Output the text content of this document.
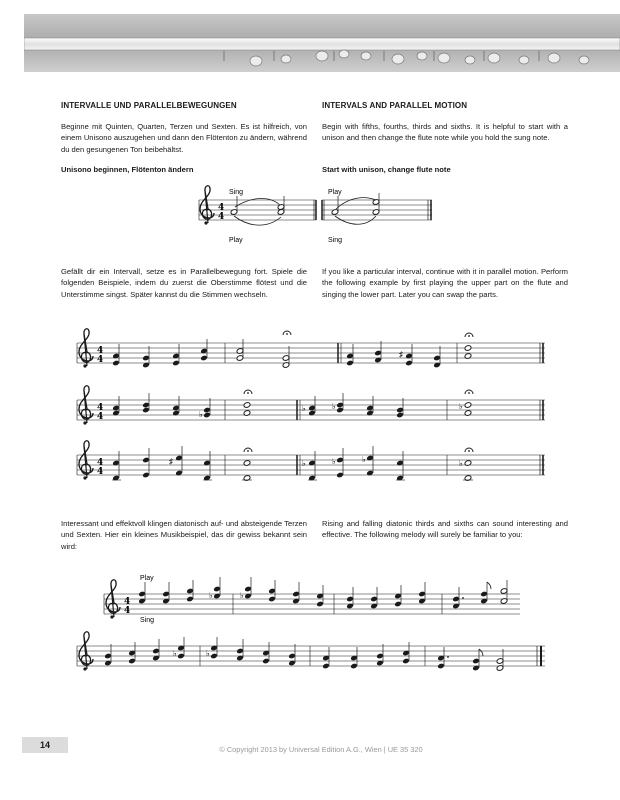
INTERVALLE UND PARALLELBEWEGUNGEN	INTERVALS AND PARALLEL MOTION

Beginne mit Quinten, Quarten, Terzen und Sexten. Es ist hilfreich, von einem Unisono auszugehen und dann den Flötenton zu ändern, während du den gesungenen Ton beibehältst.

Begin with fifths, fourths, thirds and sixths. It is helpful to start with a unison and then change the flute note while you hold the sung note.

Unisono beginnen, Flötenton ändern	Start with unison, change flute note

Gefällt dir ein Intervall, setze es in Parallelbewegung fort. Spiele die folgenden Beispiele, indem du zuerst die Oberstimme flötest und die Unterstimme singst. Später kannst du die Stimmen wechseln.

If you like a particular interval, continue with it in parallel motion. Perform the following example by first playing the upper part on the flute and singing the lower part. Later you can swap the parts.

Interessant und effektvoll klingen diatonisch auf- und absteigende Terzen und Sexten. Hier ein kleines Musikbeispiel, das dir gewiss bekannt sein wird:

Rising and falling diatonic thirds and sixths can sound interesting and effective. The following melody will surely be familiar to you:

4
4
Sing
Play
Play
Sing
4
4
♯
4
4	♭
♭	♭	♭
4
4
♯	♭	♭	♭	♭
4
4
Play
Sing
♭	♭
♭	♭
14	© Copyright 2013 by Universal Edition A.G., Wien | UE 35 320
